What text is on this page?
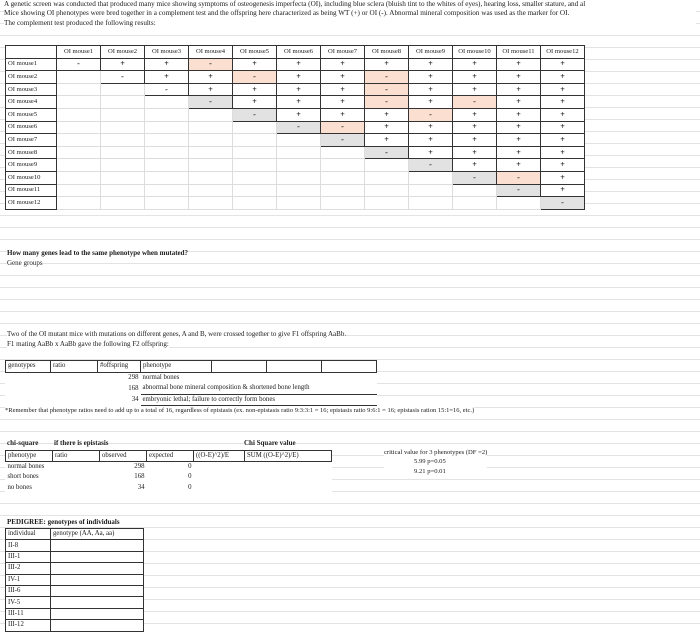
A genetic screen was conducted that produced many mice showing symptoms of osteogenesis imperfecta (OI), including blue sclera (bluish tint to the whites of eyes), hearing loss, smaller stature, and al
Mice showing OI phenotypes were bred together in a complement test and the offspring here characterized as being WT (+) or OI (-). Abnormal mineral composition was used as the marker for OI.
The complement test produced the following results:
	OI mouse1	OI mouse2	OI mouse3	OI mouse4	OI mouse5	OI mouse6	OI mouse7	OI mouse8	OI mouse9	OI mouse10	OI mouse11	OI mouse12
OI mouse1	-	+	+	-	+	+	+	+	+	+	+	+
OI mouse2		-	+	+	-	+	+	-	+	+	+	+
OI mouse3			-	+	+	+	+	-	+	+	+	+
OI mouse4				-	+	+	+	-	+	-	+	+
OI mouse5					-	+	+	+	-	+	+	+
OI mouse6						-	-	+	+	+	+	+
OI mouse7							-	+	+	+	+	+
OI mouse8								-	+	+	+	+
OI mouse9									-	+	+	+
OI mouse10										-	-	+
OI mouse11											-	+
OI mouse12												-
How many genes lead to the same phenotype when mutated?
Gene groups
Two of the OI mutant mice with mutations on different genes, A and B, were crossed together to give F1 offspring AaBb.
F1 mating AaBb x AaBb gave the following F2 offspring:
genotypes	ratio	#offspring	phenotype			
		298	normal bones			
		168	abnormal bone mineral composition & shortened bone length			
		34	embryonic lethal; failure to correctly form bones			
*Remember that phenotype ratios need to add up to a total of 16, regardless of epistasis (ex. non-epistasis ratio 9:3:3:1 = 16; epistasis ratio 9:6:1 = 16; epistasis ration 15:1=16, etc.)
chi-square if there is epistasis	Chi Square value
phenotype	ratio	observed	expected	((O-E)^2)/E	SUM ((O-E)^2)/E)
normal bones		298	0		
short bones		168	0		
no bones		34	0		
critical value for 3 phenotypes (DF =2)
5.99 p=0.05
9.21 p=0.01
PEDIGREE: genotypes of individuals
individual	genotype (AA, Aa, aa)
II-8	
III-1	
III-2	
IV-1	
III-6	
IV-5	
III-11	
III-12	
